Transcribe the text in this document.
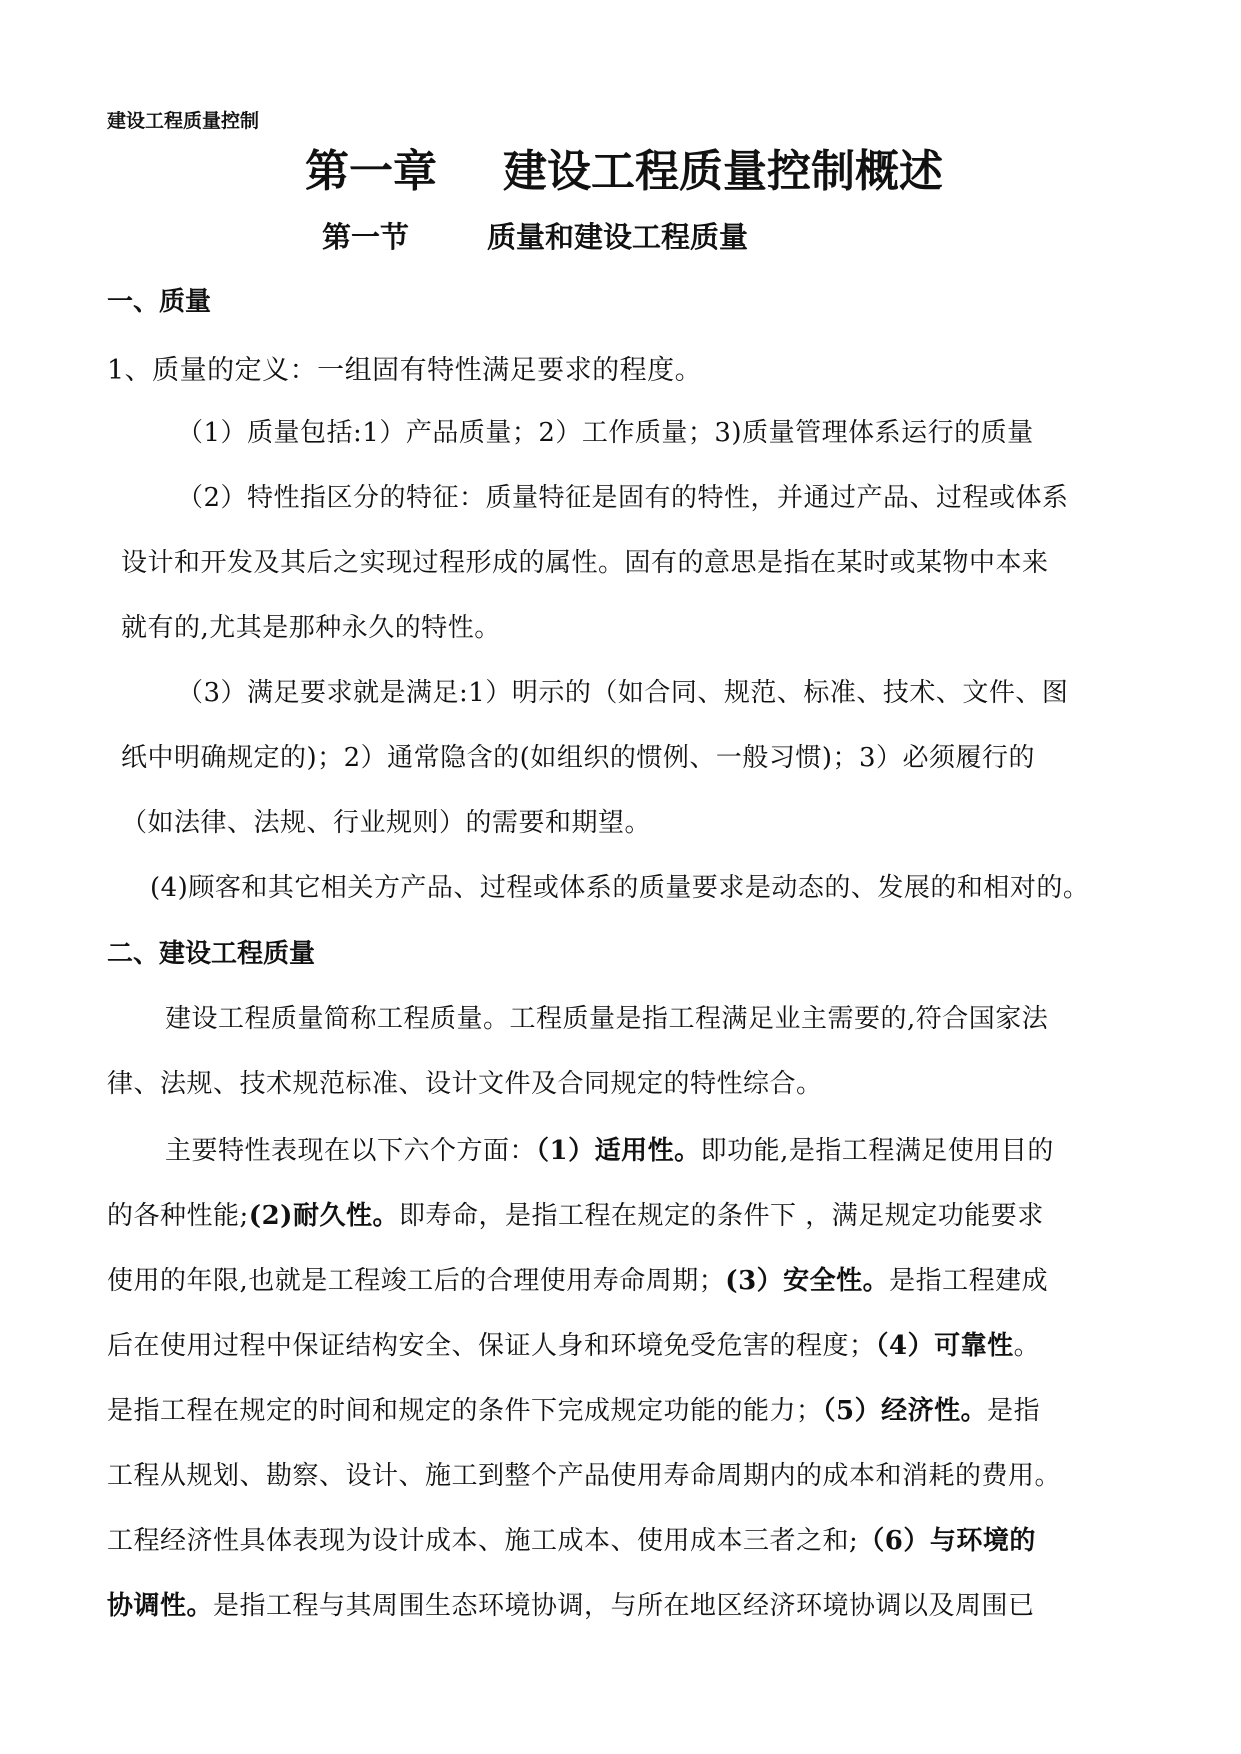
建设工程质量控制
第一章 建设工程质量控制概述
第一节	质量和建设工程质量
一、质量
1、质量的定义：一组固有特性满足要求的程度。
（1）质量包括:1）产品质量；2）工作质量；3)质量管理体系运行的质量
（2）特性指区分的特征：质量特征是固有的特性，并通过产品、过程或体系
设计和开发及其后之实现过程形成的属性。固有的意思是指在某时或某物中本来
就有的,尤其是那种永久的特性。
（3）满足要求就是满足:1）明示的（如合同、规范、标准、技术、文件、图
纸中明确规定的)；2）通常隐含的(如组织的惯例、一般习惯)；3）必须履行的
（如法律、法规、行业规则）的需要和期望。
(4)顾客和其它相关方产品、过程或体系的质量要求是动态的、发展的和相对的。
二、建设工程质量
建设工程质量简称工程质量。工程质量是指工程满足业主需要的,符合国家法
律、法规、技术规范标准、设计文件及合同规定的特性综合。
主要特性表现在以下六个方面：（1）适用性。即功能,是指工程满足使用目的
的各种性能;(2)耐久性。即寿命，是指工程在规定的条件下 ，满足规定功能要求
使用的年限,也就是工程竣工后的合理使用寿命周期；(3）安全性。是指工程建成
后在使用过程中保证结构安全、保证人身和环境免受危害的程度；（4）可靠性。
是指工程在规定的时间和规定的条件下完成规定功能的能力；（5）经济性。是指
工程从规划、勘察、设计、施工到整个产品使用寿命周期内的成本和消耗的费用。
工程经济性具体表现为设计成本、施工成本、使用成本三者之和;（6）与环境的
协调性。是指工程与其周围生态环境协调，与所在地区经济环境协调以及周围已
